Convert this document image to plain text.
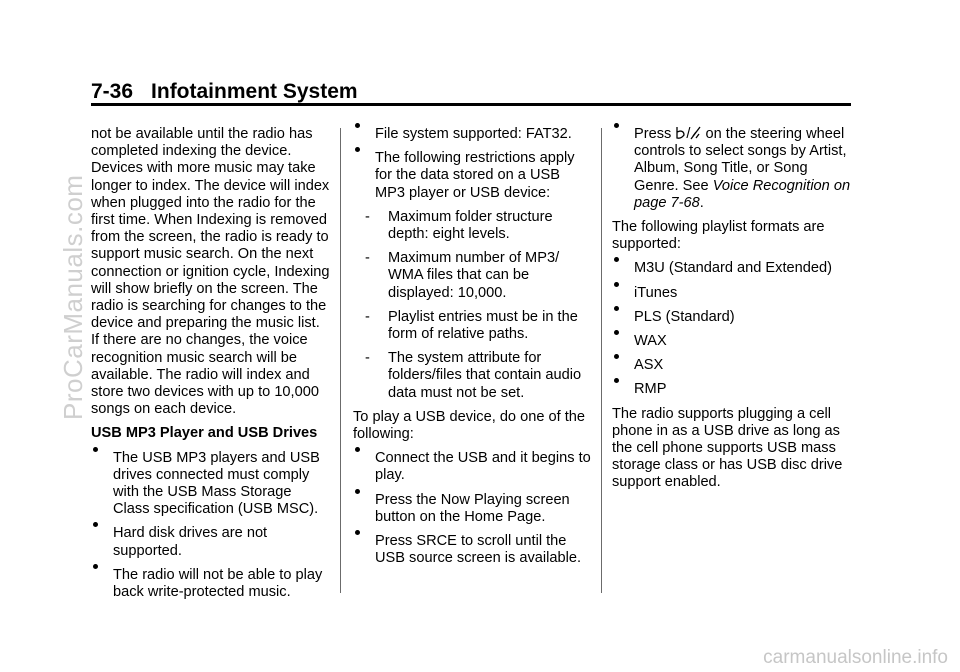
7-36 Infotainment System

not be available until the radio has completed indexing the device. Devices with more music may take longer to index. The device will index when plugged into the radio for the first time. When Indexing is removed from the screen, the radio is ready to support music search. On the next connection or ignition cycle, Indexing will show briefly on the screen. The radio is searching for changes to the device and preparing the music list. If there are no changes, the voice recognition music search will be available. The radio will index and store two devices with up to 10,000 songs on each device.

USB MP3 Player and USB Drives

The USB MP3 players and USB drives connected must comply with the USB Mass Storage Class specification (USB MSC).
Hard disk drives are not supported.
The radio will not be able to play back write-protected music.
File system supported: FAT32.
The following restrictions apply for the data stored on a USB MP3 player or USB device:
- Maximum folder structure depth: eight levels.
- Maximum number of MP3/ WMA files that can be displayed: 10,000.
- Playlist entries must be in the form of relative paths.
- The system attribute for folders/files that contain audio data must not be set.

To play a USB device, do one of the following:

Connect the USB and it begins to play.
Press the Now Playing screen button on the Home Page.
Press SRCE to scroll until the USB source screen is available.
Press / on the steering wheel controls to select songs by Artist, Album, Song Title, or Song Genre. See Voice Recognition on page 7-68.

The following playlist formats are supported:

M3U (Standard and Extended)
iTunes
PLS (Standard)
WAX
ASX
RMP

The radio supports plugging a cell phone in as a USB drive as long as the cell phone supports USB mass storage class or has USB disc drive support enabled.

ProCarManuals.com
carmanualsonline.info
